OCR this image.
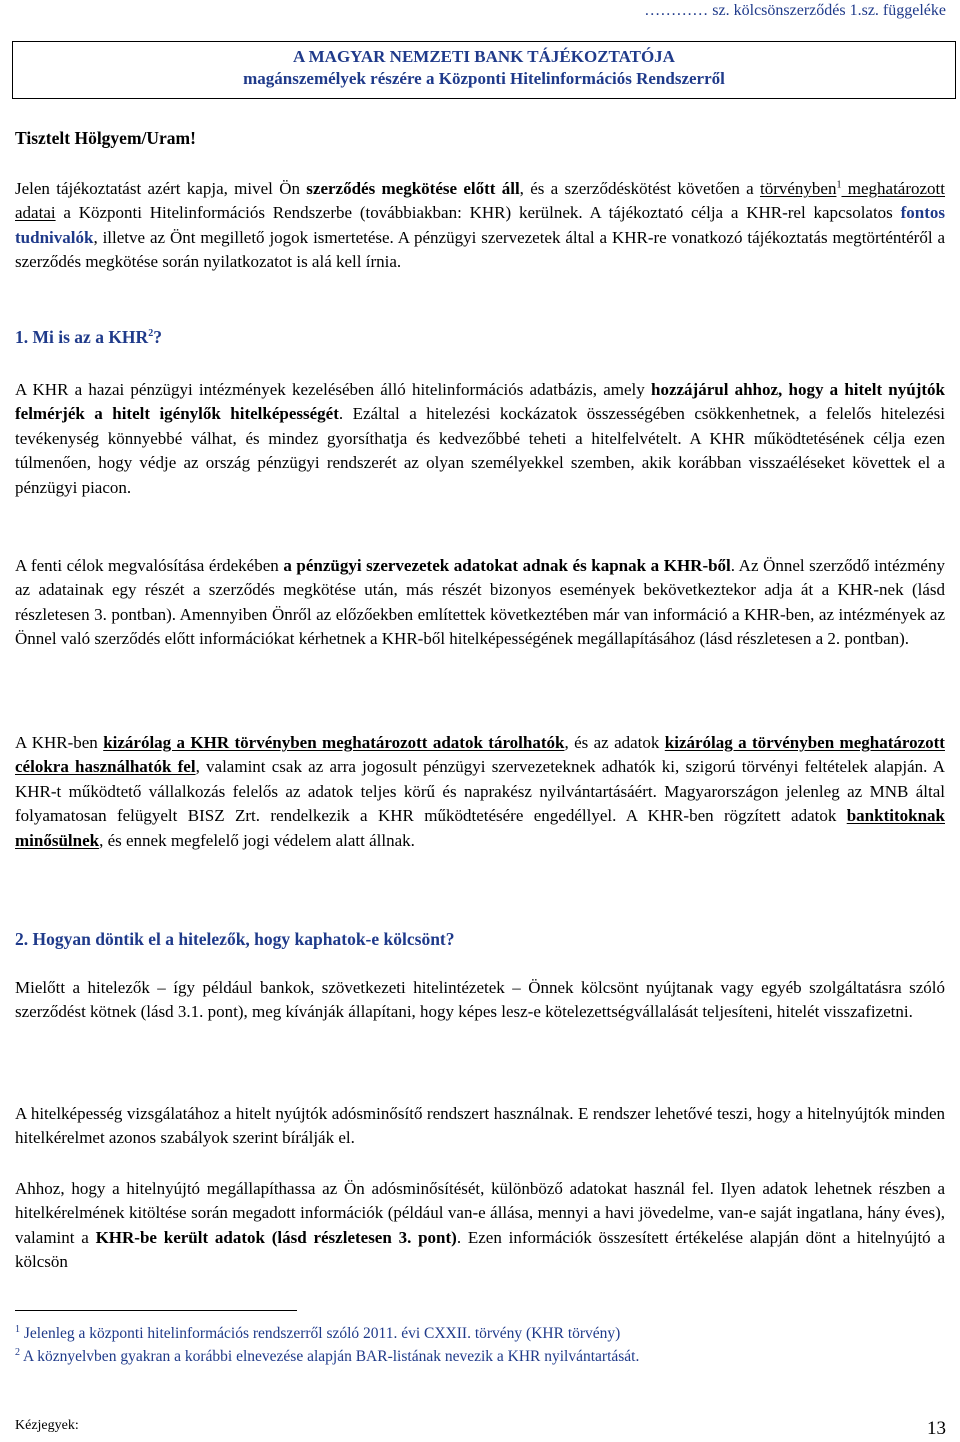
………… sz. kölcsönszerződés 1.sz. függeléke
A MAGYAR NEMZETI BANK TÁJÉKOZTATÓJA
magánszemélyek részére a Központi Hitelinformációs Rendszerről
Tisztelt Hölgyem/Uram!
Jelen tájékoztatást azért kapja, mivel Ön szerződés megkötése előtt áll, és a szerződéskötést követően a törvényben$^1$ meghatározott adatai a Központi Hitelinformációs Rendszerbe (továbbiakban: KHR) kerülnek. A tájékoztató célja a KHR-rel kapcsolatos fontos tudnivalók, illetve az Önt megillető jogok ismertetése. A pénzügyi szervezetek által a KHR-re vonatkozó tájékoztatás megtörténtéről a szerződés megkötése során nyilatkozatot is alá kell írnia.
1. Mi is az a KHR$^2$?
A KHR a hazai pénzügyi intézmények kezelésében álló hitelinformációs adatbázis, amely hozzájárul ahhoz, hogy a hitelt nyújtók felmérjék a hitelt igénylők hitelképességét. Ezáltal a hitelezési kockázatok összességében csökkenhetnek, a felelős hitelezési tevékenység könnyebbé válhat, és mindez gyorsíthatja és kedvezőbbé teheti a hitelfelvételt. A KHR működtetésének célja ezen túlmenően, hogy védje az ország pénzügyi rendszerét az olyan személyekkel szemben, akik korábban visszaéléseket követtek el a pénzügyi piacon.
A fenti célok megvalósítása érdekében a pénzügyi szervezetek adatokat adnak és kapnak a KHR-ből. Az Önnel szerződő intézmény az adatainak egy részét a szerződés megkötése után, más részét bizonyos események bekövetkeztekor adja át a KHR-nek (lásd részletesen 3. pontban). Amennyiben Önről az előzőekben említettek következtében már van információ a KHR-ben, az intézmények az Önnel való szerződés előtt információkat kérhetnek a KHR-ből hitelképességének megállapításához (lásd részletesen a 2. pontban).
A KHR-ben kizárólag a KHR törvényben meghatározott adatok tárolhatók, és az adatok kizárólag a törvényben meghatározott célokra használhatók fel, valamint csak az arra jogosult pénzügyi szervezeteknek adhatók ki, szigorú törvényi feltételek alapján. A KHR-t működtető vállalkozás felelős az adatok teljes körű és naprakész nyilvántartásáért. Magyarországon jelenleg az MNB által folyamatosan felügyelt BISZ Zrt. rendelkezik a KHR működtetésére engedéllyel. A KHR-ben rögzített adatok banktitoknak minősülnek, és ennek megfelelő jogi védelem alatt állnak.
2. Hogyan döntik el a hitelezők, hogy kaphatok-e kölcsönt?
Mielőtt a hitelezők – így például bankok, szövetkezeti hitelintézetek – Önnek kölcsönt nyújtanak vagy egyéb szolgáltatásra szóló szerződést kötnek (lásd 3.1. pont), meg kívánják állapítani, hogy képes lesz-e kötelezettségvállalását teljesíteni, hitelét visszafizetni.
A hitelképesség vizsgálatához a hitelt nyújtók adósminősítő rendszert használnak. E rendszer lehetővé teszi, hogy a hitelnyújtók minden hitelkérelmet azonos szabályok szerint bírálják el.
Ahhoz, hogy a hitelnyújtó megállapíthassa az Ön adósminősítését, különböző adatokat használ fel. Ilyen adatok lehetnek részben a hitelkérelmének kitöltése során megadott információk (például van-e állása, mennyi a havi jövedelme, van-e saját ingatlana, hány éves), valamint a KHR-be került adatok (lásd részletesen 3. pont). Ezen információk összesített értékelése alapján dönt a hitelnyújtó a kölcsön
$^1$ Jelenleg a központi hitelinformációs rendszerről szóló 2011. évi CXXII. törvény (KHR törvény)
$^2$ A köznyelvben gyakran a korábbi elnevezése alapján BAR-listának nevezik a KHR nyilvántartását.
Kézjegyek:	13
